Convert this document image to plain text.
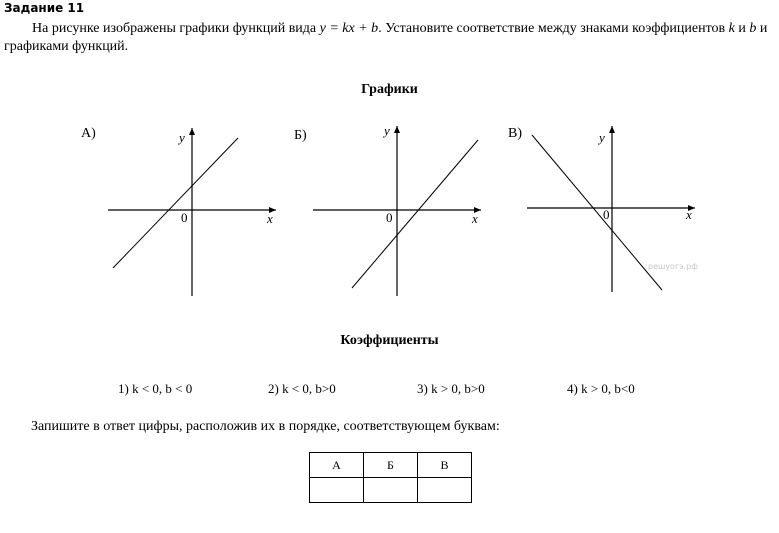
Задание 11
На рисунке изображены графики функций вида y = kx + b. Установите соответствие между знаками коэффициентов k и b и графиками функций.
Графики
А)	Б)	В)
x
y
0	x
y
0	x
y
0
решуогэ.рф
Коэффициенты
1) k < 0, b < 0	2) k < 0, b>0	3) k > 0, b>0	4) k > 0, b<0
Запишите в ответ цифры, расположив их в порядке, соответствующем буквам:
А	Б	В
